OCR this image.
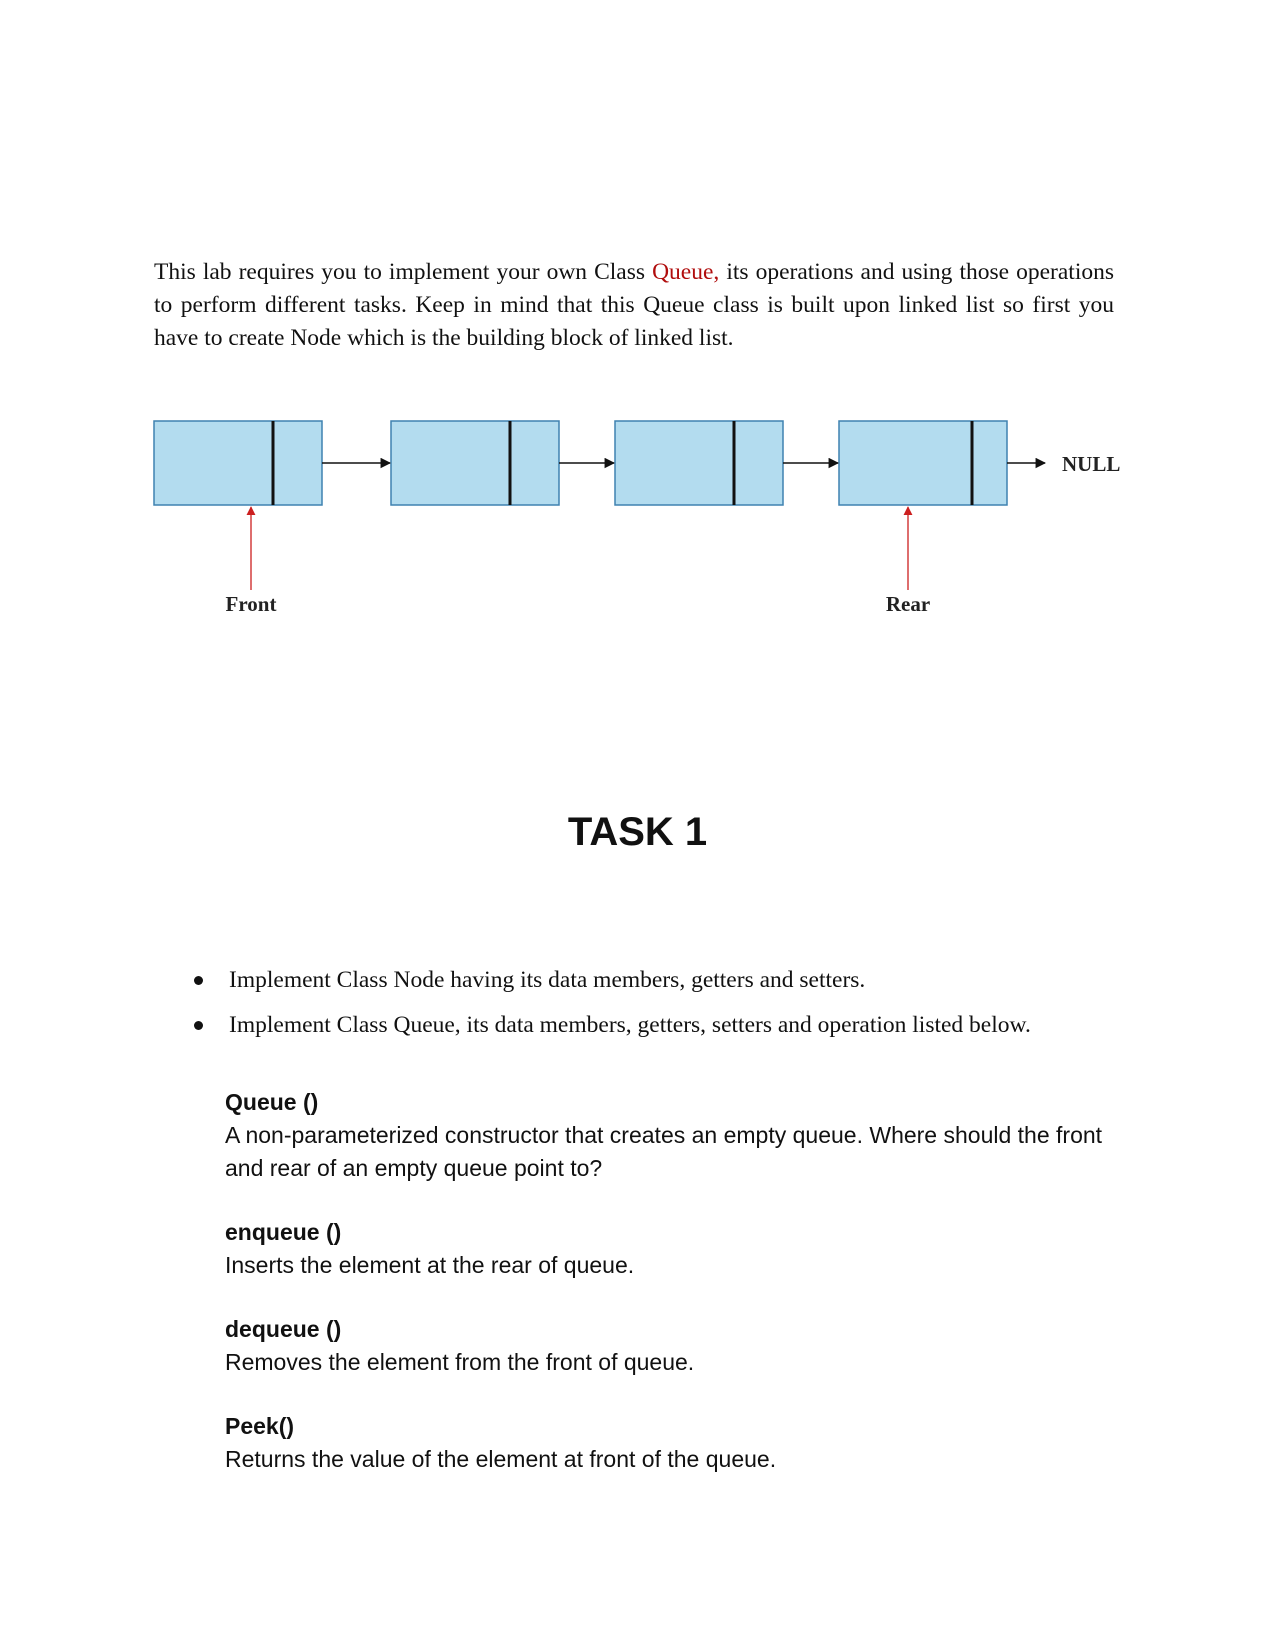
This lab requires you to implement your own Class Queue, its operations and using those operations to perform different tasks. Keep in mind that this Queue class is built upon linked list so first you have to create Node which is the building block of linked list.

NULL
Front	Rear
TASK 1
Implement Class Node having its data members, getters and setters.
Implement Class Queue, its data members, getters, setters and operation listed below.
Queue ()
A non-parameterized constructor that creates an empty queue. Where should the front and rear of an empty queue point to?
enqueue ()
Inserts the element at the rear of queue.
dequeue ()
Removes the element from the front of queue.
Peek()
Returns the value of the element at front of the queue.
